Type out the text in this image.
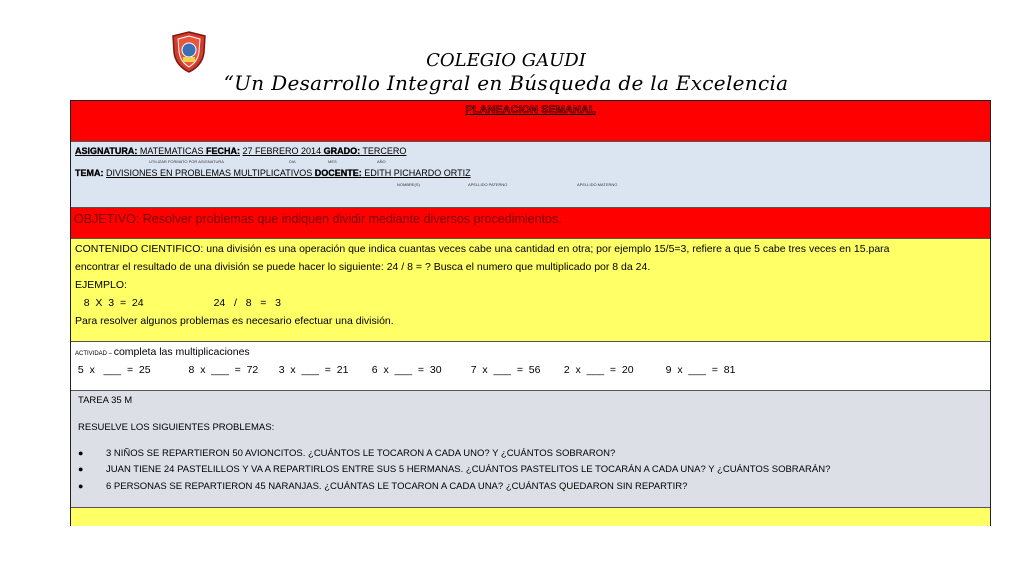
COLEGIO GAUDI
“Un Desarrollo Integral en Búsqueda de la Excelencia
PLANEACION SEMANAL
ASIGNATURA: MATEMATICAS FECHA: 27 FEBRERO 2014 GRADO: TERCERO
UTILIZAR FORMATO POR ASIGNATURA	DIA	MES	AÑO
TEMA: DIVISIONES EN PROBLEMAS MULTIPLICATIVOS DOCENTE: EDITH PICHARDO ORTIZ
NOMBRE(S)	APELLIDO PATERNO	APELLIDO MATERNO
OBJETIVO: Resolver problemas que indiquen dividir mediante diversos procedimientos.
CONTENIDO CIENTIFICO: una división es una operación que indica cuantas veces cabe una cantidad en otra; por ejemplo 15/5=3, refiere a que 5 cabe tres veces en 15.para
encontrar el resultado de una división se puede hacer lo siguiente: 24 / 8 = ? Busca el numero que multiplicado por 8 da 24.
EJEMPLO:
8  X  3  =  24                        24   /   8   =   3
Para resolver algunos problemas es necesario efectuar una división.
ACTIVIDAD – completa las multiplicaciones
5  x   ___  =  25             8  x  ___  =  72       3  x  ___  =  21        6  x  ___  =  30          7  x  ___  =  56        2  x  ___  =  20           9  x  ___  =  81
TAREA 35 M
RESUELVE LOS SIGUIENTES PROBLEMAS:
● 3 NIÑOS SE REPARTIERON 50 AVIONCITOS. ¿CUÁNTOS LE TOCARON A CADA UNO? Y ¿CUÁNTOS SOBRARON?
● JUAN TIENE 24 PASTELILLOS Y VA A REPARTIRLOS ENTRE SUS 5 HERMANAS. ¿CUÁNTOS PASTELITOS LE TOCARÁN A CADA UNA? Y ¿CUÁNTOS SOBRARÁN?
● 6 PERSONAS SE REPARTIERON 45 NARANJAS. ¿CUÁNTAS LE TOCARON A CADA UNA? ¿CUÁNTAS QUEDARON SIN REPARTIR?
